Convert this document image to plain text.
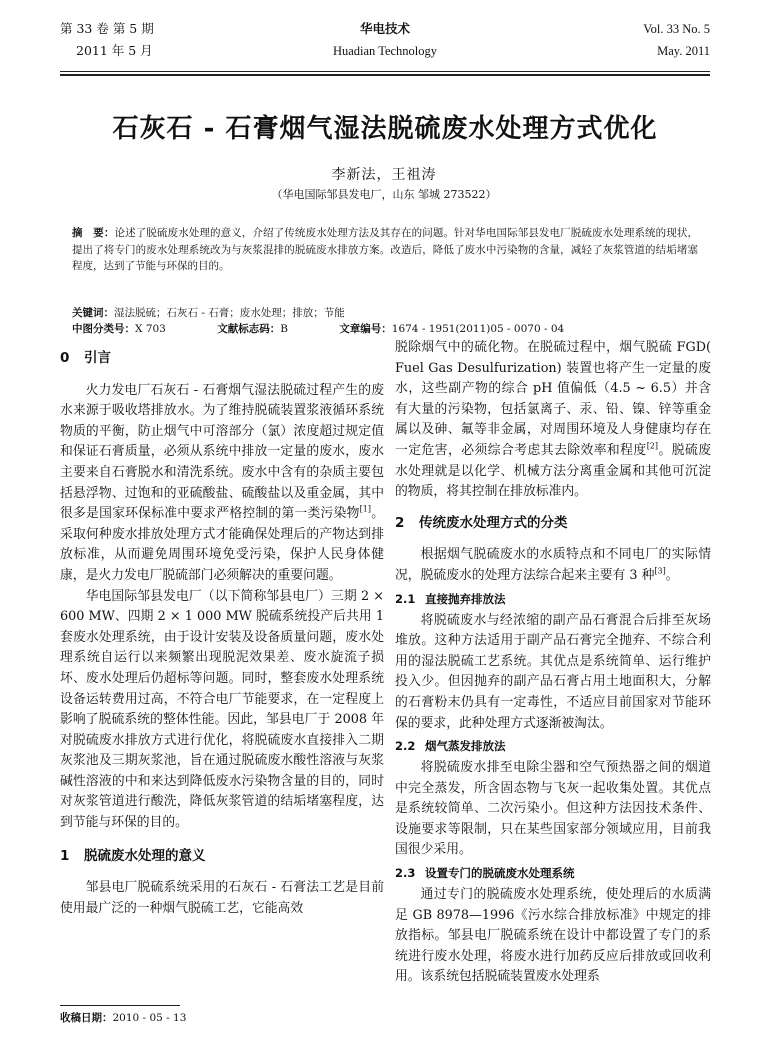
第 33 卷 第 5 期
2011 年 5 月
华电技术
Huadian Technology
Vol. 33 No. 5
May. 2011
石灰石 - 石膏烟气湿法脱硫废水处理方式优化
李新法，王祖涛
（华电国际邹县发电厂，山东 邹城 273522）
摘　要：论述了脱硫废水处理的意义，介绍了传统废水处理方法及其存在的问题。针对华电国际邹县发电厂脱硫废水处理系统的现状，提出了将专门的废水处理系统改为与灰浆混排的脱硫废水排放方案。改造后，降低了废水中污染物的含量，减轻了灰浆管道的结垢堵塞程度，达到了节能与环保的目的。
关键词：湿法脱硫；石灰石 - 石膏；废水处理；排放；节能
中图分类号：X 703	文献标志码：B	文章编号：1674 - 1951(2011)05 - 0070 - 04
0 引言

火力发电厂石灰石 - 石膏烟气湿法脱硫过程产生的废水来源于吸收塔排放水。为了维持脱硫装置浆液循环系统物质的平衡，防止烟气中可溶部分（氯）浓度超过规定值和保证石膏质量，必须从系统中排放一定量的废水，废水主要来自石膏脱水和清洗系统。废水中含有的杂质主要包括悬浮物、过饱和的亚硫酸盐、硫酸盐以及重金属，其中很多是国家环保标准中要求严格控制的第一类污染物[1]。采取何种废水排放处理方式才能确保处理后的产物达到排放标准，从而避免周围环境免受污染，保护人民身体健康，是火力发电厂脱硫部门必须解决的重要问题。

华电国际邹县发电厂（以下简称邹县电厂）三期 2 × 600 MW、四期 2 × 1 000 MW 脱硫系统投产后共用 1 套废水处理系统，由于设计安装及设备质量问题，废水处理系统自运行以来频繁出现脱泥效果差、废水旋流子损坏、废水处理后仍超标等问题。同时，整套废水处理系统设备运转费用过高，不符合电厂节能要求，在一定程度上影响了脱硫系统的整体性能。因此，邹县电厂于 2008 年对脱硫废水排放方式进行优化，将脱硫废水直接排入二期灰浆池及三期灰浆池，旨在通过脱硫废水酸性溶液与灰浆碱性溶液的中和来达到降低废水污染物含量的目的，同时对灰浆管道进行酸洗，降低灰浆管道的结垢堵塞程度，达到节能与环保的目的。

1 脱硫废水处理的意义

邹县电厂脱硫系统采用的石灰石 - 石膏法工艺是目前使用最广泛的一种烟气脱硫工艺，它能高效

脱除烟气中的硫化物。在脱硫过程中，烟气脱硫 FGD( Fuel Gas Desulfurization) 装置也将产生一定量的废水，这些副产物的综合 pH 值偏低（4.5 ~ 6.5）并含有大量的污染物，包括氯离子、汞、铅、镍、锌等重金属以及砷、氟等非金属，对周围环境及人身健康均存在一定危害，必须综合考虑其去除效率和程度[2]。脱硫废水处理就是以化学、机械方法分离重金属和其他可沉淀的物质，将其控制在排放标准内。

2 传统废水处理方式的分类

根据烟气脱硫废水的水质特点和不同电厂的实际情况，脱硫废水的处理方法综合起来主要有 3 种[3]。

2.1 直接抛弃排放法

将脱硫废水与经浓缩的副产品石膏混合后排至灰场堆放。这种方法适用于副产品石膏完全抛弃、不综合利用的湿法脱硫工艺系统。其优点是系统简单、运行维护投入少。但因抛弃的副产品石膏占用土地面积大，分解的石膏粉末仍具有一定毒性，不适应目前国家对节能环保的要求，此种处理方式逐渐被淘汰。

2.2 烟气蒸发排放法

将脱硫废水排至电除尘器和空气预热器之间的烟道中完全蒸发，所含固态物与飞灰一起收集处置。其优点是系统较简单、二次污染小。但这种方法因技术条件、设施要求等限制，只在某些国家部分领域应用，目前我国很少采用。

2.3 设置专门的脱硫废水处理系统

通过专门的脱硫废水处理系统，使处理后的水质满足 GB 8978—1996《污水综合排放标准》中规定的排放指标。邹县电厂脱硫系统在设计中都设置了专门的系统进行废水处理，将废水进行加药反应后排放或回收利用。该系统包括脱硫装置废水处理系

收稿日期：2010 - 05 - 13
